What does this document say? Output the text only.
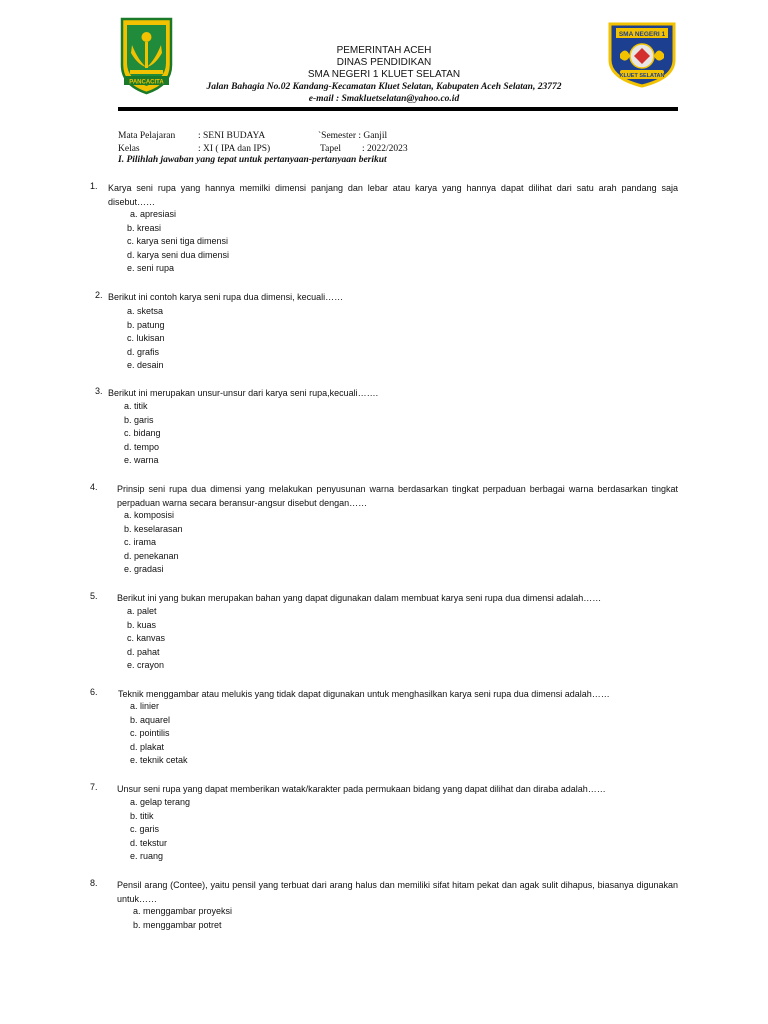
PANCACITA
SMA NEGERI 1
KLUET SELATAN
PEMERINTAH ACEH
DINAS PENDIDIKAN
SMA NEGERI 1 KLUET SELATAN
Jalan Bahagia No.02 Kandang-Kecamatan Kluet Selatan, Kabupaten Aceh Selatan, 23772
e-mail : Smakluetselatan@yahoo.co.id
Mata Pelajaran : SENI BUDAYA
Kelas	: XI ( IPA dan IPS)
`Semester : Ganjil
Tapel : 2022/2023
I. Pilihlah jawaban yang tepat untuk pertanyaan-pertanyaan berikut
1. Karya seni rupa yang hannya memilki dimensi panjang dan lebar atau karya yang hannya dapat dilihat dari satu arah pandang saja disebut……
a. apresiasi
b. kreasi
c. karya seni tiga dimensi
d. karya seni dua dimensi
e. seni rupa
2. Berikut ini contoh karya seni rupa dua dimensi, kecuali……
a. sketsa
b. patung
c. lukisan
d. grafis
e. desain
3. Berikut ini merupakan unsur-unsur dari karya seni rupa,kecuali…….
a. titik
b. garis
c. bidang
d. tempo
e. warna
4. Prinsip seni rupa dua dimensi yang melakukan penyusunan warna berdasarkan tingkat perpaduan berbagai warna berdasarkan tingkat perpaduan warna secara beransur-angsur disebut dengan……
a. komposisi
b. keselarasan
c. irama
d. penekanan
e. gradasi
5. Berikut ini yang bukan merupakan bahan yang dapat digunakan dalam membuat karya seni rupa dua dimensi adalah……
a. palet
b. kuas
c. kanvas
d. pahat
e. crayon
6. Teknik menggambar atau melukis yang tidak dapat digunakan untuk menghasilkan karya seni rupa dua dimensi adalah……
a. linier
b. aquarel
c. pointilis
d. plakat
e. teknik cetak
7. Unsur seni rupa yang dapat memberikan watak/karakter pada permukaan bidang yang dapat dilihat dan diraba adalah……
a. gelap terang
b. titik
c. garis
d. tekstur
e. ruang
8. Pensil arang (Contee), yaitu pensil yang terbuat dari arang halus dan memiliki sifat hitam pekat dan agak sulit dihapus, biasanya digunakan untuk……
a. menggambar proyeksi
b. menggambar potret
